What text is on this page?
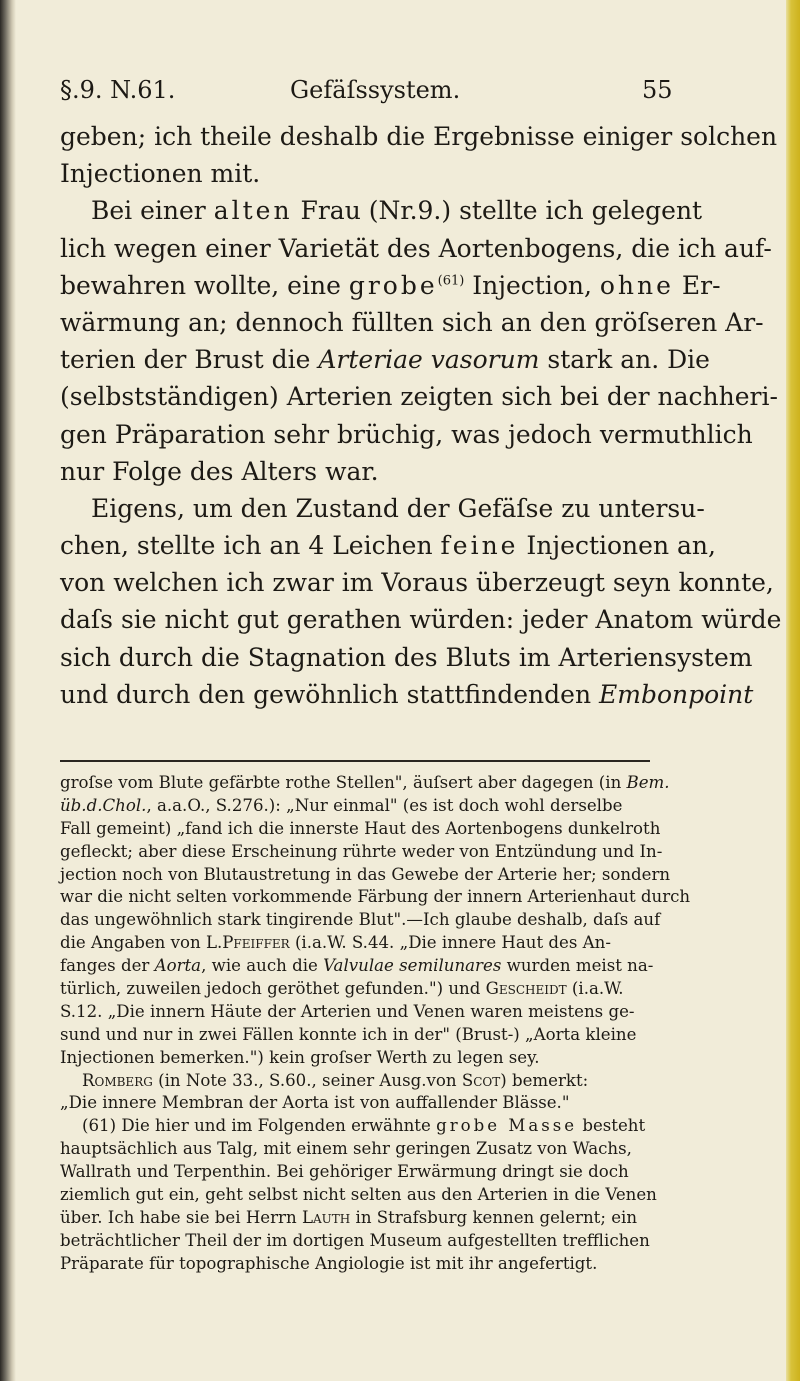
§.9. N.61.	Gefäſssystem.	55
geben; ich theile deshalb die Ergebnisse einiger solchen
Injectionen mit.
Bei einer alten Frau (Nr.9.) stellte ich gelegent
lich wegen einer Varietät des Aortenbogens, die ich auf-
bewahren wollte, eine grobe$^{(61)}$ Injection, ohne Er-
wärmung an; dennoch füllten sich an den gröſseren Ar-
terien der Brust die Arteriae vasorum stark an. Die
(selbstständigen) Arterien zeigten sich bei der nachheri-
gen Präparation sehr brüchig, was jedoch vermuthlich
nur Folge des Alters war.
Eigens, um den Zustand der Gefäſse zu untersu-
chen, stellte ich an 4 Leichen feine Injectionen an,
von welchen ich zwar im Voraus überzeugt seyn konnte,
daſs sie nicht gut gerathen würden: jeder Anatom würde
sich durch die Stagnation des Bluts im Arteriensystem
und durch den gewöhnlich stattfindenden Embonpoint
groſse vom Blute gefärbte rothe Stellen", äuſsert aber dagegen (in Bem.
üb.d.Chol., a.a.O., S.276.): „Nur einmal" (es ist doch wohl derselbe
Fall gemeint) „fand ich die innerste Haut des Aortenbogens dunkelroth
gefleckt; aber diese Erscheinung rührte weder von Entzündung und In-
jection noch von Blutaustretung in das Gewebe der Arterie her; sondern
war die nicht selten vorkommende Färbung der innern Arterienhaut durch
das ungewöhnlich stark tingirende Blut".—Ich glaube deshalb, daſs auf
die Angaben von L.Pfeiffer (i.a.W. S.44. „Die innere Haut des An-
fanges der Aorta, wie auch die Valvulae semilunares wurden meist na-
türlich, zuweilen jedoch geröthet gefunden.") und Gescheidt (i.a.W.
S.12. „Die innern Häute der Arterien und Venen waren meistens ge-
sund und nur in zwei Fällen konnte ich in der" (Brust-) „Aorta kleine
Injectionen bemerken.") kein groſser Werth zu legen sey.
Romberg (in Note 33., S.60., seiner Ausg.von Scot) bemerkt:
„Die innere Membran der Aorta ist von auffallender Blässe."
(61) Die hier und im Folgenden erwähnte grobe Masse besteht
hauptsächlich aus Talg, mit einem sehr geringen Zusatz von Wachs,
Wallrath und Terpenthin. Bei gehöriger Erwärmung dringt sie doch
ziemlich gut ein, geht selbst nicht selten aus den Arterien in die Venen
über. Ich habe sie bei Herrn Lauth in Strafsburg kennen gelernt; ein
beträchtlicher Theil der im dortigen Museum aufgestellten trefflichen
Präparate für topographische Angiologie ist mit ihr angefertigt.
